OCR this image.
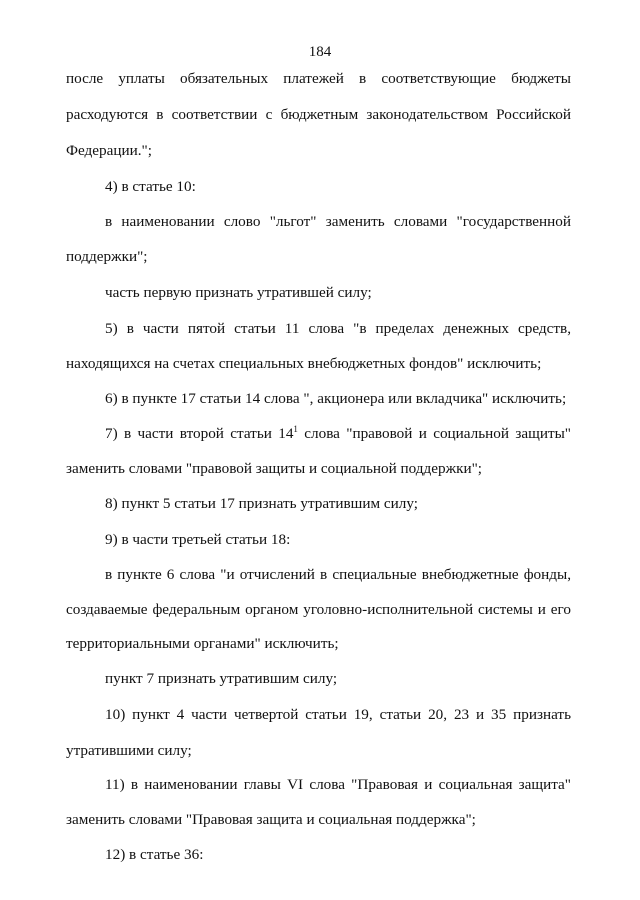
184
после уплаты обязательных платежей в соответствующие бюджеты
расходуются в соответствии с бюджетным законодательством Российской
Федерации.";
4) в статье 10:
в наименовании слово "льгот" заменить словами "государственной
поддержки";
часть первую признать утратившей силу;
5) в части пятой статьи 11 слова "в пределах денежных средств,
находящихся на счетах специальных внебюджетных фондов" исключить;
6) в пункте 17 статьи 14 слова ", акционера или вкладчика" исключить;
7) в части второй статьи $14^1$ слова "правовой и социальной защиты"
заменить словами "правовой защиты и социальной поддержки";
8) пункт 5 статьи 17 признать утратившим силу;
9) в части третьей статьи 18:
в пункте 6 слова "и отчислений в специальные внебюджетные фонды,
создаваемые федеральным органом уголовно-исполнительной системы и его
территориальными органами" исключить;
пункт 7 признать утратившим силу;
10) пункт 4 части четвертой статьи 19, статьи 20, 23 и 35 признать
утратившими силу;
11) в наименовании главы VI слова "Правовая и социальная защита"
заменить словами "Правовая защита и социальная поддержка";
12) в статье 36:
